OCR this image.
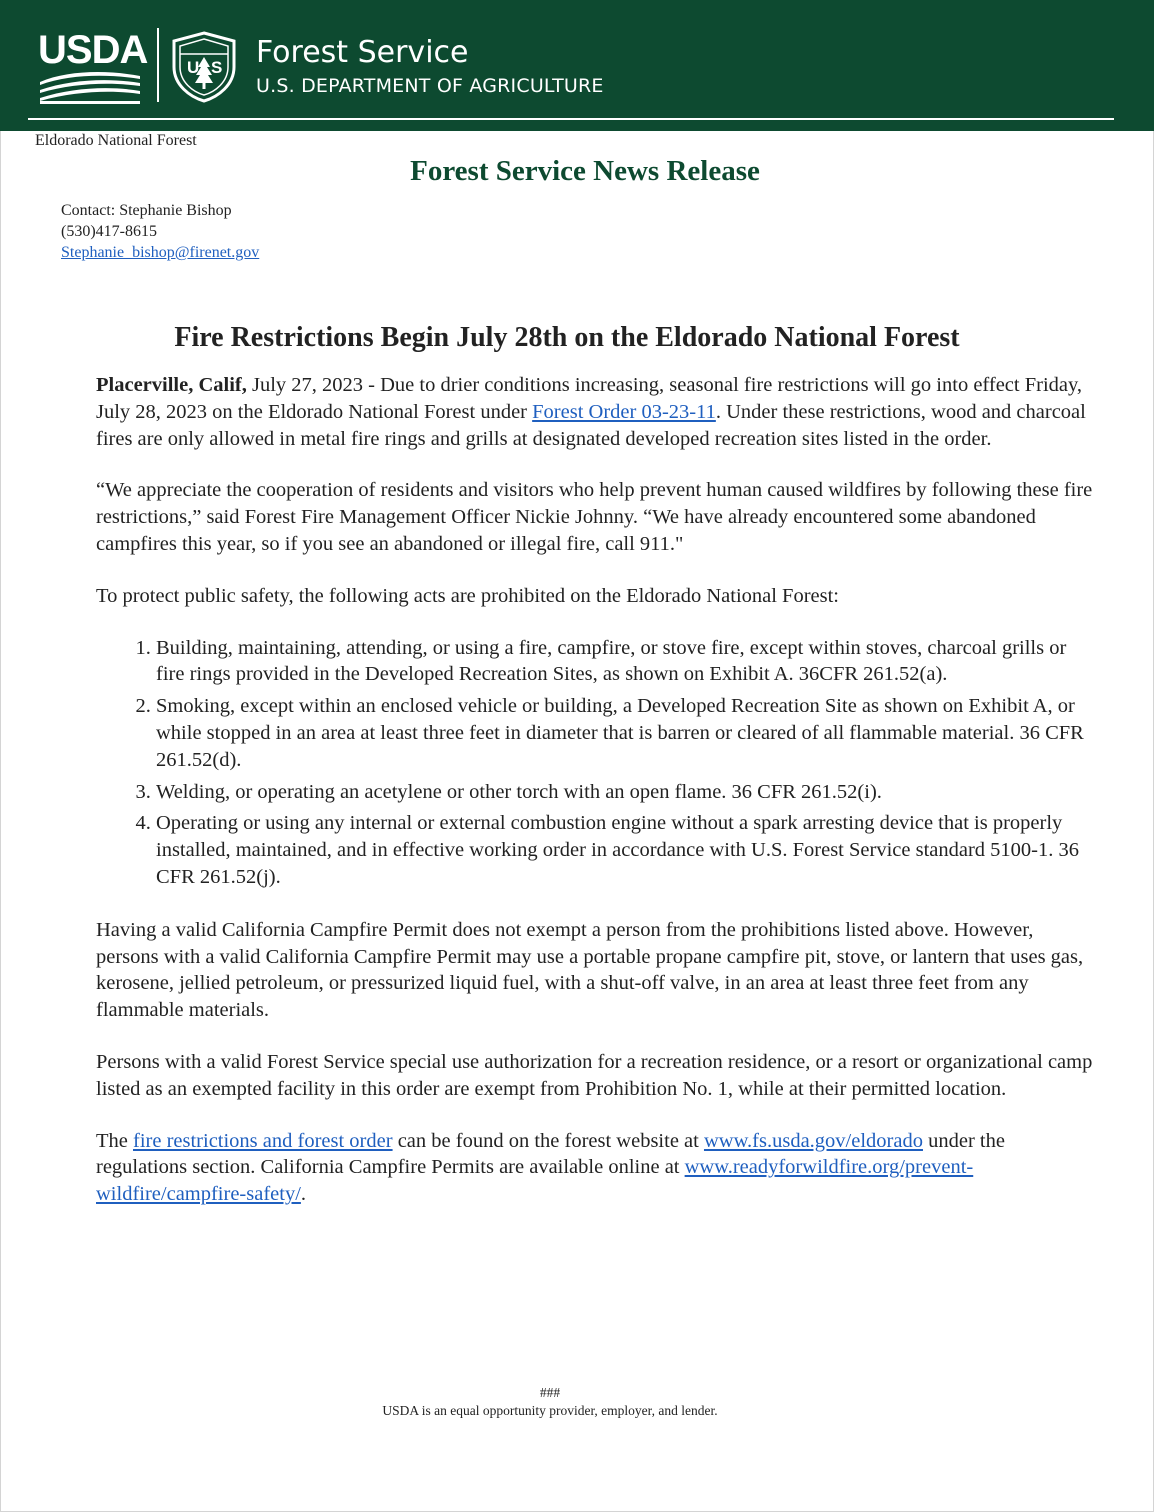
USDA U S Forest Service
U.S. DEPARTMENT OF AGRICULTURE
Eldorado National Forest
Forest Service News Release
Contact: Stephanie Bishop
(530)417-8615
Stephanie_bishop@firenet.gov
Fire Restrictions Begin July 28th on the Eldorado National Forest

Placerville, Calif, July 27, 2023 - Due to drier conditions increasing, seasonal fire restrictions will go into effect Friday, July 28, 2023 on the Eldorado National Forest under Forest Order 03-23-11. Under these restrictions, wood and charcoal fires are only allowed in metal fire rings and grills at designated developed recreation sites listed in the order.

“We appreciate the cooperation of residents and visitors who help prevent human caused wildfires by following these fire restrictions,” said Forest Fire Management Officer Nickie Johnny. “We have already encountered some abandoned campfires this year, so if you see an abandoned or illegal fire, call 911."

To protect public safety, the following acts are prohibited on the Eldorado National Forest:

1. Building, maintaining, attending, or using a fire, campfire, or stove fire, except within stoves, charcoal grills or fire rings provided in the Developed Recreation Sites, as shown on Exhibit A. 36CFR 261.52(a).
2. Smoking, except within an enclosed vehicle or building, a Developed Recreation Site as shown on Exhibit A, or while stopped in an area at least three feet in diameter that is barren or cleared of all flammable material. 36 CFR 261.52(d).
3. Welding, or operating an acetylene or other torch with an open flame. 36 CFR 261.52(i).
4. Operating or using any internal or external combustion engine without a spark arresting device that is properly installed, maintained, and in effective working order in accordance with U.S. Forest Service standard 5100-1. 36 CFR 261.52(j).

Having a valid California Campfire Permit does not exempt a person from the prohibitions listed above. However, persons with a valid California Campfire Permit may use a portable propane campfire pit, stove, or lantern that uses gas, kerosene, jellied petroleum, or pressurized liquid fuel, with a shut-off valve, in an area at least three feet from any flammable materials.

Persons with a valid Forest Service special use authorization for a recreation residence, or a resort or organizational camp listed as an exempted facility in this order are exempt from Prohibition No. 1, while at their permitted location.

The fire restrictions and forest order can be found on the forest website at www.fs.usda.gov/eldorado under the regulations section. California Campfire Permits are available online at www.readyforwildfire.org/prevent-wildfire/campfire-safety/.

###
USDA is an equal opportunity provider, employer, and lender.
